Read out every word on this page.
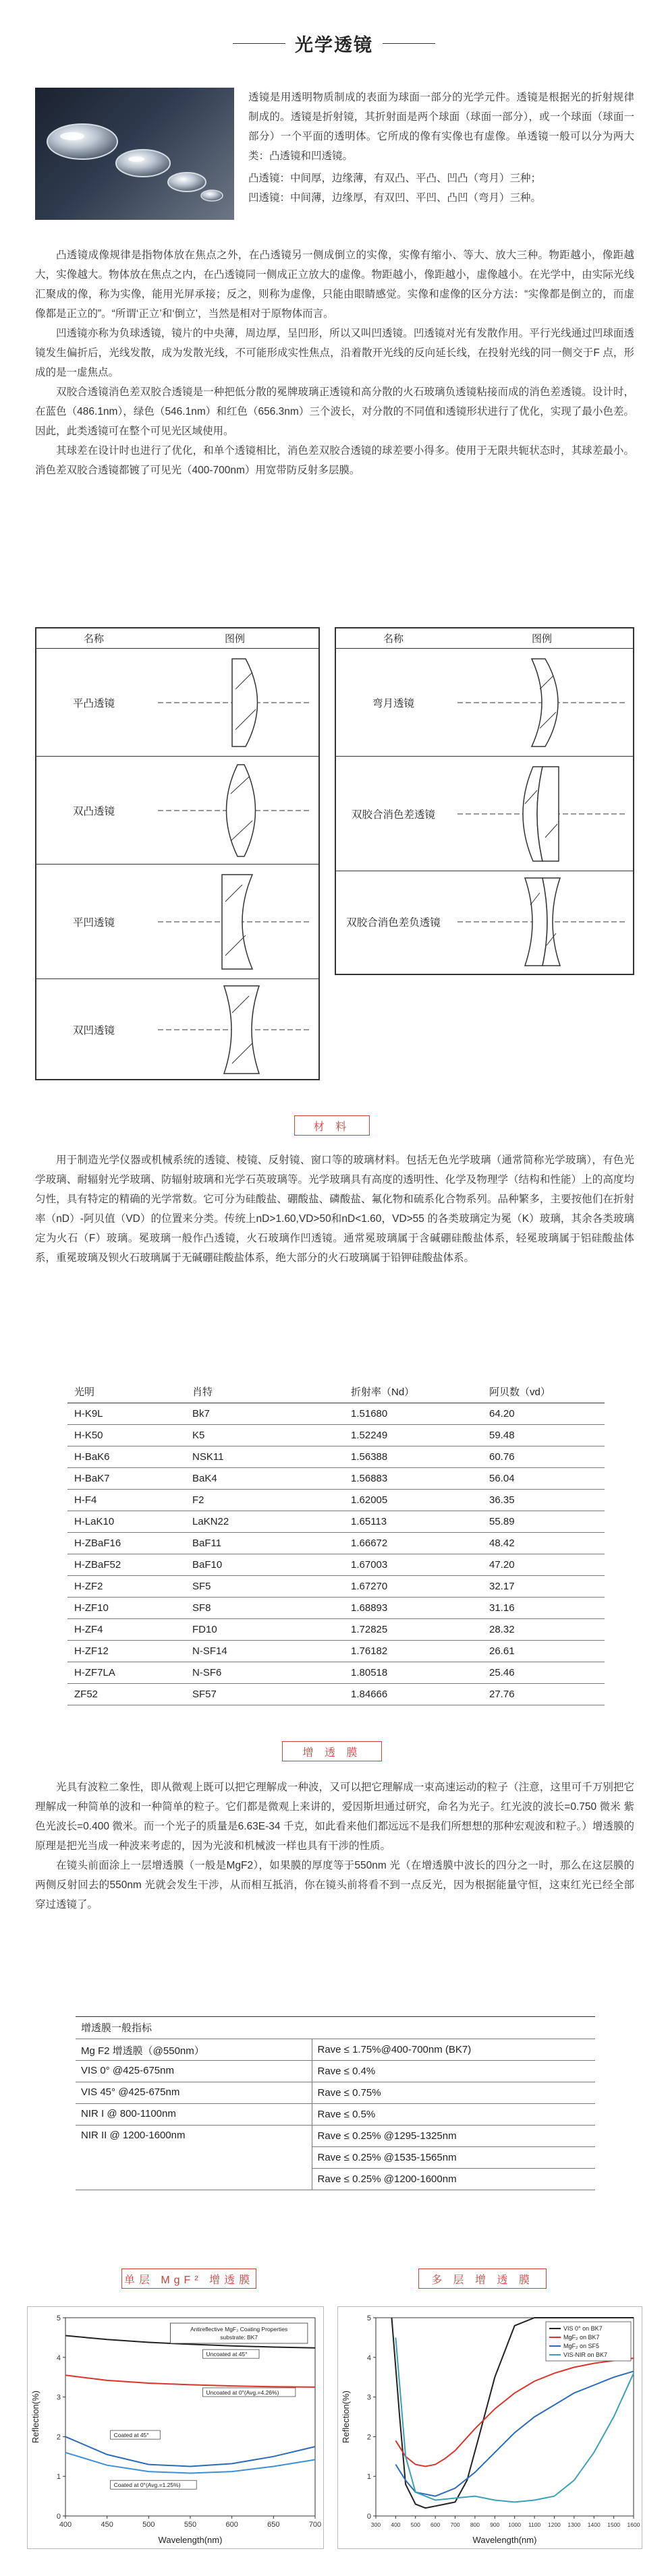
光学透镜

透镜是用透明物质制成的表面为球面一部分的光学元件。透镜是根据光的折射规律制成的。透镜是折射镜，其折射面是两个球面（球面一部分），或一个球面（球面一部分）一个平面的透明体。它所成的像有实像也有虚像。单透镜一般可以分为两大类：凸透镜和凹透镜。

凸透镜：中间厚，边缘薄，有双凸、平凸、凹凸（弯月）三种；

凹透镜：中间薄，边缘厚，有双凹、平凹、凸凹（弯月）三种。

凸透镜成像规律是指物体放在焦点之外，在凸透镜另一侧成倒立的实像，实像有缩小、等大、放大三种。物距越小，像距越大，实像越大。物体放在焦点之内，在凸透镜同一侧成正立放大的虚像。物距越小，像距越小，虚像越小。在光学中，由实际光线汇聚成的像，称为实像，能用光屏承接；反之，则称为虚像，只能由眼睛感觉。实像和虚像的区分方法：“实像都是倒立的，而虚像都是正立的”。“所谓‘正立’和‘倒立’，当然是相对于原物体而言。

凹透镜亦称为负球透镜，镜片的中央薄，周边厚，呈凹形，所以又叫凹透镜。凹透镜对光有发散作用。平行光线通过凹球面透镜发生偏折后，光线发散，成为发散光线，不可能形成实性焦点，沿着散开光线的反向延长线，在投射光线的同一侧交于F 点，形成的是一虚焦点。

双胶合透镜消色差双胶合透镜是一种把低分散的冕牌玻璃正透镜和高分散的火石玻璃负透镜粘接而成的消色差透镜。设计时，在蓝色（486.1nm），绿色（546.1nm）和红色（656.3nm）三个波长，对分散的不同值和透镜形状进行了优化，实现了最小色差。因此，此类透镜可在整个可见光区域使用。

其球差在设计时也进行了优化，和单个透镜相比，消色差双胶合透镜的球差要小得多。使用于无限共轭状态时，其球差最小。消色差双胶合透镜都镀了可见光（400-700nm）用宽带防反射多层膜。

名称	图例
平凸透镜
双凸透镜
平凹透镜
双凹透镜
名称	图例
弯月透镜
双胶合消色差透镜
双胶合消色差负透镜
材 料

用于制造光学仪器或机械系统的透镜、棱镜、反射镜、窗口等的玻璃材料。包括无色光学玻璃（通常简称光学玻璃），有色光学玻璃、耐辐射光学玻璃、防辐射玻璃和光学石英玻璃等。光学玻璃具有高度的透明性、化学及物理学（结构和性能）上的高度均匀性，具有特定的精确的光学常数。它可分为硅酸盐、硼酸盐、磷酸盐、氟化物和硫系化合物系列。品种繁多，主要按他们在折射率（nD）-阿贝值（VD）的位置来分类。传统上nD>1.60,VD>50和nD<1.60，VD>55 的各类玻璃定为冕（K）玻璃，其余各类玻璃定为火石（F）玻璃。冕玻璃一般作凸透镜，火石玻璃作凹透镜。通常冕玻璃属于含碱硼硅酸盐体系，轻冕玻璃属于铝硅酸盐体系，重冕玻璃及钡火石玻璃属于无碱硼硅酸盐体系，绝大部分的火石玻璃属于铅钾硅酸盐体系。

光明	肖特	折射率（Nd）	阿贝数（vd）
H-K9L	Bk7	1.51680	64.20
H-K50	K5	1.52249	59.48
H-BaK6	NSK11	1.56388	60.76
H-BaK7	BaK4	1.56883	56.04
H-F4	F2	1.62005	36.35
H-LaK10	LaKN22	1.65113	55.89
H-ZBaF16	BaF11	1.66672	48.42
H-ZBaF52	BaF10	1.67003	47.20
H-ZF2	SF5	1.67270	32.17
H-ZF10	SF8	1.68893	31.16
H-ZF4	FD10	1.72825	28.32
H-ZF12	N-SF14	1.76182	26.61
H-ZF7LA	N-SF6	1.80518	25.46
ZF52	SF57	1.84666	27.76
增 透 膜

光具有波粒二象性，即从微观上既可以把它理解成一种波，又可以把它理解成一束高速运动的粒子（注意，这里可千万别把它理解成一种简单的波和一种简单的粒子。它们都是微观上来讲的，爱因斯坦通过研究，命名为光子。红光波的波长=0.750 微米 紫色光波长=0.400 微米。而一个光子的质量是6.63E-34 千克，如此看来他们都远远不是我们所想想的那种宏观波和粒子。）增透膜的原理是把光当成一种波来考虑的，因为光波和机械波一样也具有干涉的性质。

在镜头前面涂上一层增透膜（一般是MgF2），如果膜的厚度等于550nm 光（在增透膜中波长的四分之一时，那么在这层膜的两侧反射回去的550nm 光就会发生干涉，从而相互抵消，你在镜头前将看不到一点反光，因为根据能量守恒，这束红光已经全部穿过透镜了。

增透膜一般指标	
Mg F2 增透膜（@550nm）	Rave ≤ 1.75%@400-700nm (BK7)
VIS 0° @425-675nm	Rave ≤ 0.4%
VIS 45° @425-675nm	Rave ≤ 0.75%
NIR I @ 800-1100nm	Rave ≤ 0.5%
NIR II @ 1200-1600nm	Rave ≤ 0.25% @1295-1325nm
	Rave ≤ 0.25% @1535-1565nm
	Rave ≤ 0.25% @1200-1600nm
单层 MgF² 增透膜	多 层 增 透 膜
0
1
2
3
4
5
400	450	500	550	600	650	700
Wavelength(nm)
Reflection(%)
Antireflective MgF₂ Coating Properties
substrate: BK7
Uncoated at 45°
Uncoated at 0°(Avg.=4.26%)
Coated at 45°
Coated at 0°(Avg.=1.25%)
0
1
2
3
4
5
300 400 500 600 700 800 900 1000 1100 1200 1300 1400 1500 1600
Wavelength(nm)
Reflection(%)
VIS 0° on BK7
MgF₂ on BK7
MgF₂ on SF5
VIS-NIR on BK7
